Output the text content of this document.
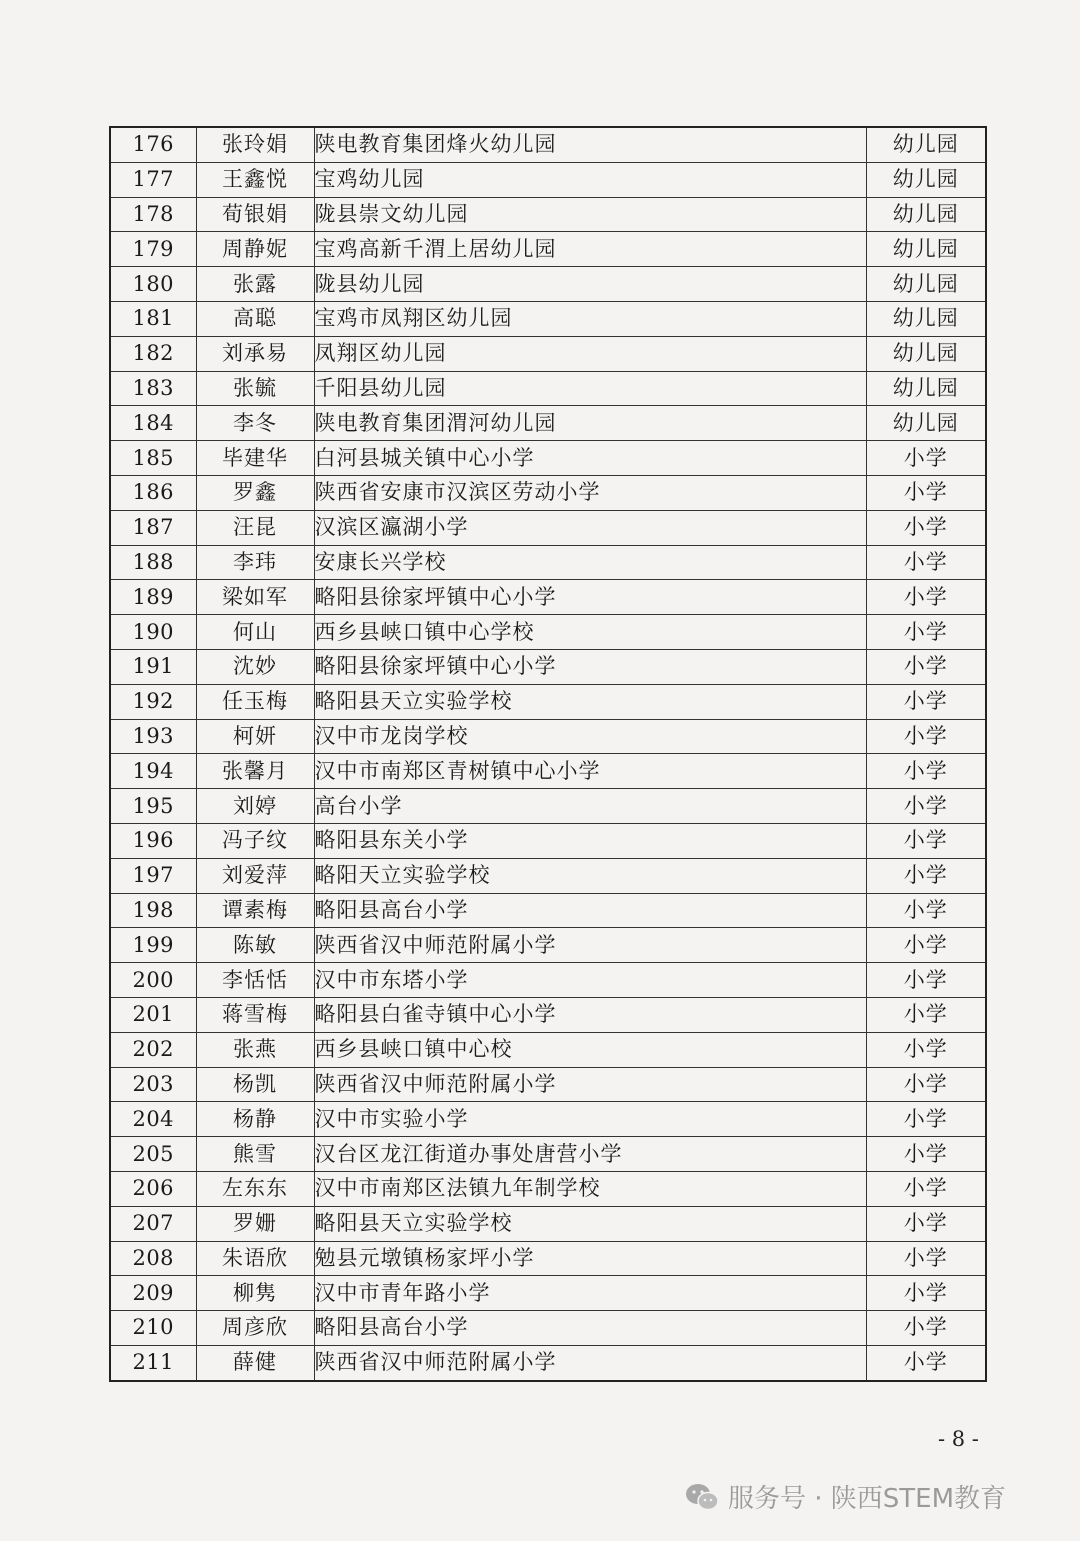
176	张玲娟	陕电教育集团烽火幼儿园	幼儿园
177	王鑫悦	宝鸡幼儿园	幼儿园
178	荀银娟	陇县崇文幼儿园	幼儿园
179	周静妮	宝鸡高新千渭上居幼儿园	幼儿园
180	张露	陇县幼儿园	幼儿园
181	高聪	宝鸡市凤翔区幼儿园	幼儿园
182	刘承易	凤翔区幼儿园	幼儿园
183	张毓	千阳县幼儿园	幼儿园
184	李冬	陕电教育集团渭河幼儿园	幼儿园
185	毕建华	白河县城关镇中心小学	小学
186	罗鑫	陕西省安康市汉滨区劳动小学	小学
187	汪昆	汉滨区瀛湖小学	小学
188	李玮	安康长兴学校	小学
189	梁如军	略阳县徐家坪镇中心小学	小学
190	何山	西乡县峡口镇中心学校	小学
191	沈妙	略阳县徐家坪镇中心小学	小学
192	任玉梅	略阳县天立实验学校	小学
193	柯妍	汉中市龙岗学校	小学
194	张馨月	汉中市南郑区青树镇中心小学	小学
195	刘婷	高台小学	小学
196	冯子纹	略阳县东关小学	小学
197	刘爱萍	略阳天立实验学校	小学
198	谭素梅	略阳县高台小学	小学
199	陈敏	陕西省汉中师范附属小学	小学
200	李恬恬	汉中市东塔小学	小学
201	蒋雪梅	略阳县白雀寺镇中心小学	小学
202	张燕	西乡县峡口镇中心校	小学
203	杨凯	陕西省汉中师范附属小学	小学
204	杨静	汉中市实验小学	小学
205	熊雪	汉台区龙江街道办事处唐营小学	小学
206	左东东	汉中市南郑区法镇九年制学校	小学
207	罗姗	略阳县天立实验学校	小学
208	朱语欣	勉县元墩镇杨家坪小学	小学
209	柳隽	汉中市青年路小学	小学
210	周彦欣	略阳县高台小学	小学
211	薛健	陕西省汉中师范附属小学	小学
- 8 -
服务号 · 陕西STEM教育
